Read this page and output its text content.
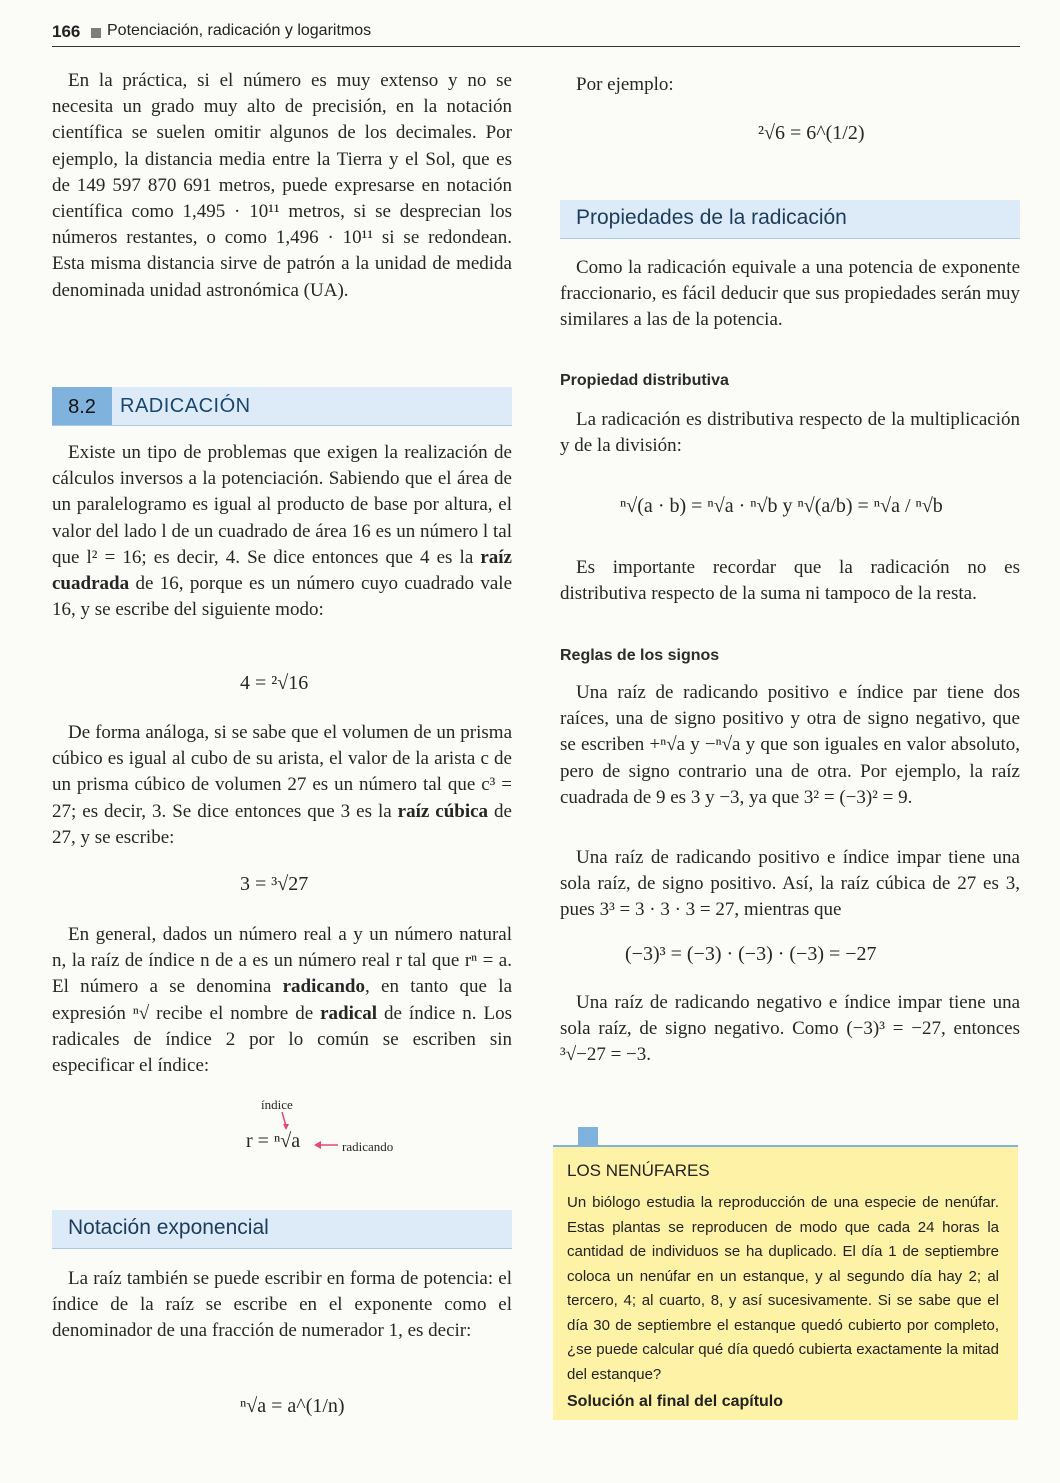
166 Potenciación, radicación y logaritmos

En la práctica, si el número es muy extenso y no se necesita un grado muy alto de precisión, en la notación científica se suelen omitir algunos de los decimales. Por ejemplo, la distancia media entre la Tierra y el Sol, que es de 149 597 870 691 metros, puede expresarse en notación científica como 1,495 · 10¹¹ metros, si se desprecian los números restantes, o como 1,496 · 10¹¹ si se redondean. Esta misma distancia sirve de patrón a la unidad de medida denominada unidad astronómica (UA).

8.2	RADICACIÓN

Existe un tipo de problemas que exigen la realización de cálculos inversos a la potenciación. Sabiendo que el área de un paralelogramo es igual al producto de base por altura, el valor del lado l de un cuadrado de área 16 es un número l tal que l² = 16; es decir, 4. Se dice entonces que 4 es la raíz cuadrada de 16, porque es un número cuyo cuadrado vale 16, y se escribe del siguiente modo:

4 = ²√16

De forma análoga, si se sabe que el volumen de un prisma cúbico es igual al cubo de su arista, el valor de la arista c de un prisma cúbico de volumen 27 es un número tal que c³ = 27; es decir, 3. Se dice entonces que 3 es la raíz cúbica de 27, y se escribe:

3 = ³√27

En general, dados un número real a y un número natural n, la raíz de índice n de a es un número real r tal que rⁿ = a. El número a se denomina radicando, en tanto que la expresión ⁿ√ recibe el nombre de radical de índice n. Los radicales de índice 2 por lo común se escriben sin especificar el índice:

índice
r = ⁿ√a	radicando
Notación exponencial

La raíz también se puede escribir en forma de potencia: el índice de la raíz se escribe en el exponente como el denominador de una fracción de numerador 1, es decir:

ⁿ√a = a^(1/n)

Por ejemplo:

²√6 = 6^(1/2)
Propiedades de la radicación

Como la radicación equivale a una potencia de exponente fraccionario, es fácil deducir que sus propiedades serán muy similares a las de la potencia.

Propiedad distributiva

La radicación es distributiva respecto de la multiplicación y de la división:

ⁿ√(a · b) = ⁿ√a · ⁿ√b y ⁿ√(a/b) = ⁿ√a / ⁿ√b

Es importante recordar que la radicación no es distributiva respecto de la suma ni tampoco de la resta.

Reglas de los signos

Una raíz de radicando positivo e índice par tiene dos raíces, una de signo positivo y otra de signo negativo, que se escriben +ⁿ√a y −ⁿ√a y que son iguales en valor absoluto, pero de signo contrario una de otra. Por ejemplo, la raíz cuadrada de 9 es 3 y −3, ya que 3² = (−3)² = 9.

Una raíz de radicando positivo e índice impar tiene una sola raíz, de signo positivo. Así, la raíz cúbica de 27 es 3, pues 3³ = 3 · 3 · 3 = 27, mientras que

(−3)³ = (−3) · (−3) · (−3) = −27

Una raíz de radicando negativo e índice impar tiene una sola raíz, de signo negativo. Como (−3)³ = −27, entonces ³√−27 = −3.

LOS NENÚFARES
Un biólogo estudia la reproducción de una especie de nenúfar. Estas plantas se reproducen de modo que cada 24 horas la cantidad de individuos se ha duplicado. El día 1 de septiembre coloca un nenúfar en un estanque, y al segundo día hay 2; al tercero, 4; al cuarto, 8, y así sucesivamente. Si se sabe que el día 30 de septiembre el estanque quedó cubierto por completo, ¿se puede calcular qué día quedó cubierta exactamente la mitad del estanque?
Solución al final del capítulo
